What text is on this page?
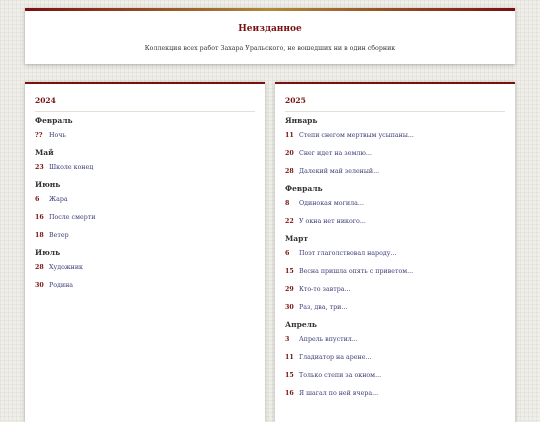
Неизданное

Коллекция всех работ Захара Уральского, не вошедших ни в один сборник

2024
Февраль
??	Ночь
Май
23 Школе конец
Июнь
6	Жара
16 После смерти
18 Ветер
Июль
28 Художник
30 Родина
2025
Январь
11 Степи снегом мертвым усыпаны...
20 Снег идет на землю...
28 Далекий май зеленый...
Февраль
8	Одинокая могила...
22 У окна нет никого...
Март
6	Поэт глаголствовал народу...
15 Весна пришла опять с приветом...
29 Кто-то завтра...
30 Раз, два, три...
Апрель
3	Апрель впустил...
11 Гладиатор на арене...
15 Только степи за окном...
16 Я шагал по ней вчера...
